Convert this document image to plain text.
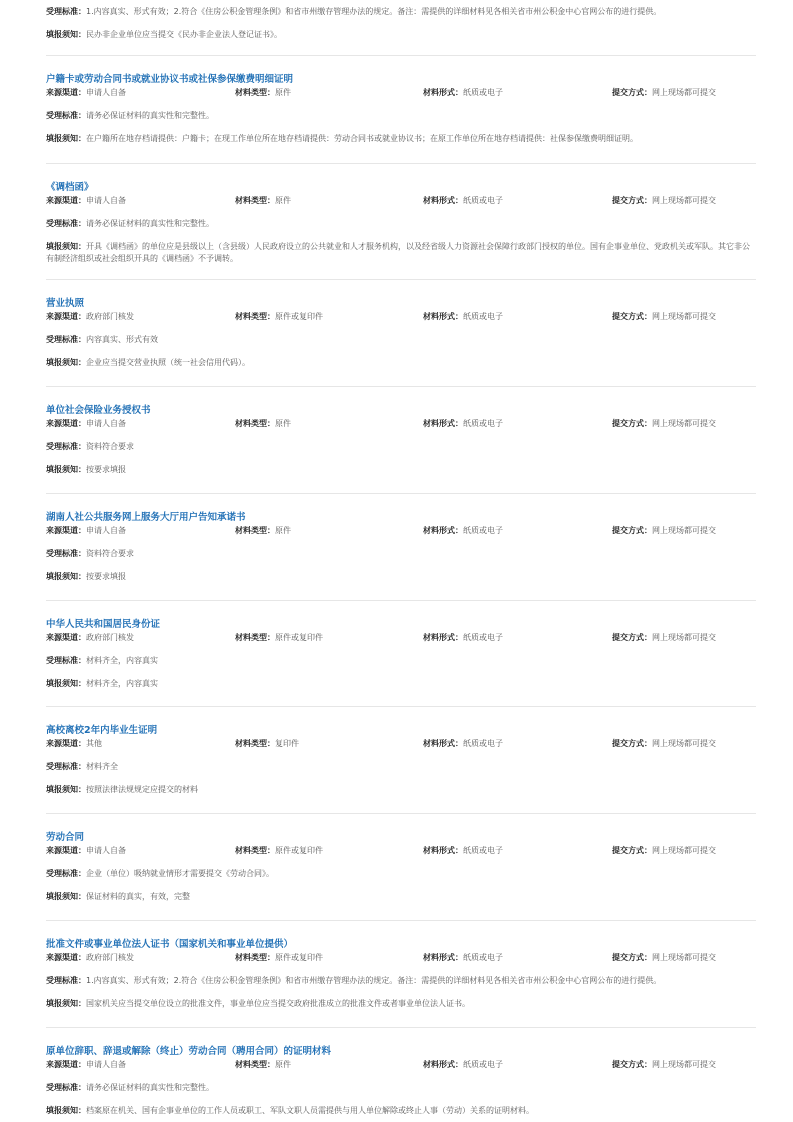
受理标准：1.内容真实、形式有效；2.符合《住房公积金管理条例》和省市州缴存管理办法的规定。备注：需提供的详细材料见各相关省市州公积金中心官网公布的进行提供。
填报须知：民办非企业单位应当提交《民办非企业法人登记证书》。
户籍卡或劳动合同书或就业协议书或社保参保缴费明细证明
来源渠道：申请人自备	材料类型：原件	材料形式：纸质或电子	提交方式：网上现场都可提交
受理标准：请务必保证材料的真实性和完整性。
填报须知：在户籍所在地存档请提供：户籍卡；在现工作单位所在地存档请提供：劳动合同书或就业协议书；在原工作单位所在地存档请提供：社保参保缴费明细证明。
《调档函》
来源渠道：申请人自备	材料类型：原件	材料形式：纸质或电子	提交方式：网上现场都可提交
受理标准：请务必保证材料的真实性和完整性。
填报须知：开具《调档函》的单位应是县级以上（含县级）人民政府设立的公共就业和人才服务机构，以及经省级人力资源社会保障行政部门授权的单位。国有企事业单位、党政机关或军队。其它非公有制经济组织或社会组织开具的《调档函》不予调转。
营业执照
来源渠道：政府部门核发	材料类型：原件或复印件	材料形式：纸质或电子	提交方式：网上现场都可提交
受理标准：内容真实、形式有效
填报须知：企业应当提交营业执照（统一社会信用代码）。
单位社会保险业务授权书
来源渠道：申请人自备	材料类型：原件	材料形式：纸质或电子	提交方式：网上现场都可提交
受理标准：资料符合要求
填报须知：按要求填报
湖南人社公共服务网上服务大厅用户告知承诺书
来源渠道：申请人自备	材料类型：原件	材料形式：纸质或电子	提交方式：网上现场都可提交
受理标准：资料符合要求
填报须知：按要求填报
中华人民共和国居民身份证
来源渠道：政府部门核发	材料类型：原件或复印件	材料形式：纸质或电子	提交方式：网上现场都可提交
受理标准：材料齐全，内容真实
填报须知：材料齐全，内容真实
高校离校2年内毕业生证明
来源渠道：其他	材料类型：复印件	材料形式：纸质或电子	提交方式：网上现场都可提交
受理标准：材料齐全
填报须知：按照法律法规规定应提交的材料
劳动合同
来源渠道：申请人自备	材料类型：原件或复印件	材料形式：纸质或电子	提交方式：网上现场都可提交
受理标准：企业（单位）吸纳就业情形才需要提交《劳动合同》。
填报须知：保证材料的真实，有效，完整
批准文件或事业单位法人证书（国家机关和事业单位提供）
来源渠道：政府部门核发	材料类型：原件或复印件	材料形式：纸质或电子	提交方式：网上现场都可提交
受理标准：1.内容真实、形式有效；2.符合《住房公积金管理条例》和省市州缴存管理办法的规定。备注：需提供的详细材料见各相关省市州公积金中心官网公布的进行提供。
填报须知：国家机关应当提交单位设立的批准文件，事业单位应当提交政府批准成立的批准文件或者事业单位法人证书。
原单位辞职、辞退或解除（终止）劳动合同（聘用合同）的证明材料
来源渠道：申请人自备	材料类型：原件	材料形式：纸质或电子	提交方式：网上现场都可提交
受理标准：请务必保证材料的真实性和完整性。
填报须知：档案原在机关、国有企事业单位的工作人员或职工、军队文职人员需提供与用人单位解除或终止人事（劳动）关系的证明材料。
